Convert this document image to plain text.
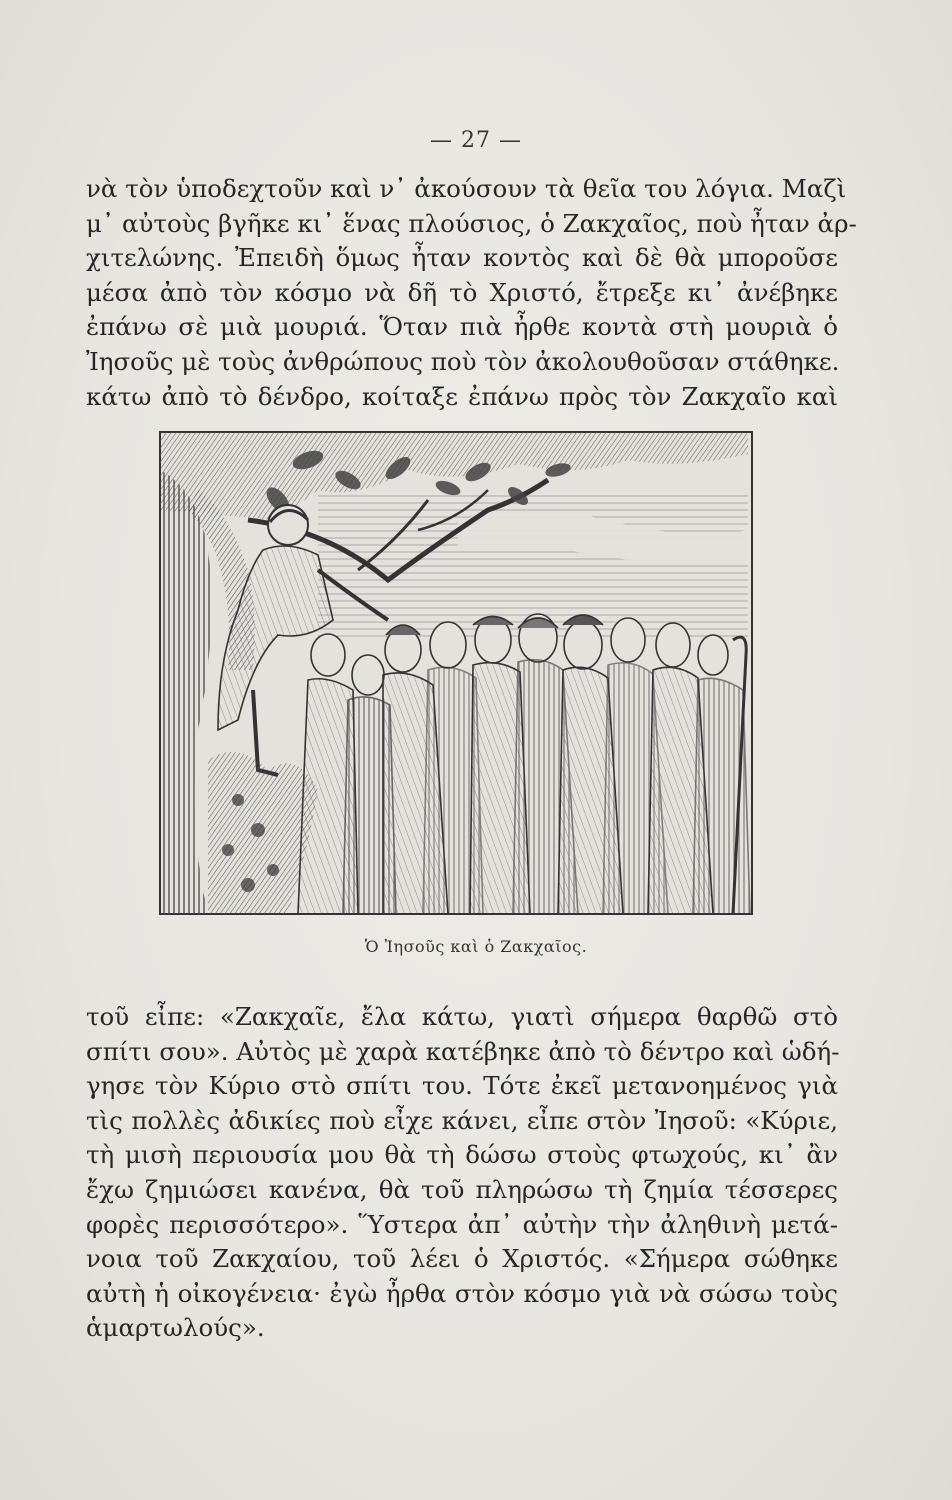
— 27 —
νὰ τὸν ὑποδεχτοῦν καὶ ν᾽ ἀκούσουν τὰ θεῖα του λόγια. Μαζὶ
μ᾽ αὐτοὺς βγῆκε κι᾽ ἕνας πλούσιος, ὁ Ζακχαῖος, ποὺ ἦταν ἀρ-
χιτελώνης. Ἐπειδὴ ὅμως ἦταν κοντὸς καὶ δὲ θὰ μποροῦσε
μέσα ἀπὸ τὸν κόσμο νὰ δῆ τὸ Χριστό, ἔτρεξε κι᾽ ἀνέβηκε
ἐπάνω σὲ μιὰ μουριά. Ὅταν πιὰ ἦρθε κοντὰ στὴ μουριὰ ὁ
Ἰησοῦς μὲ τοὺς ἀνθρώπους ποὺ τὸν ἀκολουθοῦσαν στάθηκε.
κάτω ἀπὸ τὸ δένδρο, κοίταξε ἐπάνω πρὸς τὸν Ζακχαῖο καὶ
Ὁ Ἰησοῦς καὶ ὁ Ζακχαῖος.
τοῦ εἶπε: «Ζακχαῖε, ἔλα κάτω, γιατὶ σήμερα θαρθῶ στὸ
σπίτι σου». Αὐτὸς μὲ χαρὰ κατέβηκε ἀπὸ τὸ δέντρο καὶ ὡδή-
γησε τὸν Κύριο στὸ σπίτι του. Τότε ἐκεῖ μετανοημένος γιὰ
τὶς πολλὲς ἀδικίες ποὺ εἶχε κάνει, εἶπε στὸν Ἰησοῦ: «Κύριε,
τὴ μισὴ περιουσία μου θὰ τὴ δώσω στοὺς φτωχούς, κι᾽ ἂν
ἔχω ζημιώσει κανένα, θὰ τοῦ πληρώσω τὴ ζημία τέσσερες
φορὲς περισσότερο». Ὕστερα ἀπ᾽ αὐτὴν τὴν ἀληθινὴ μετά-
νοια τοῦ Ζακχαίου, τοῦ λέει ὁ Χριστός. «Σήμερα σώθηκε
αὐτὴ ἡ οἰκογένεια· ἐγὼ ἦρθα στὸν κόσμο γιὰ νὰ σώσω τοὺς
ἁμαρτωλούς».
